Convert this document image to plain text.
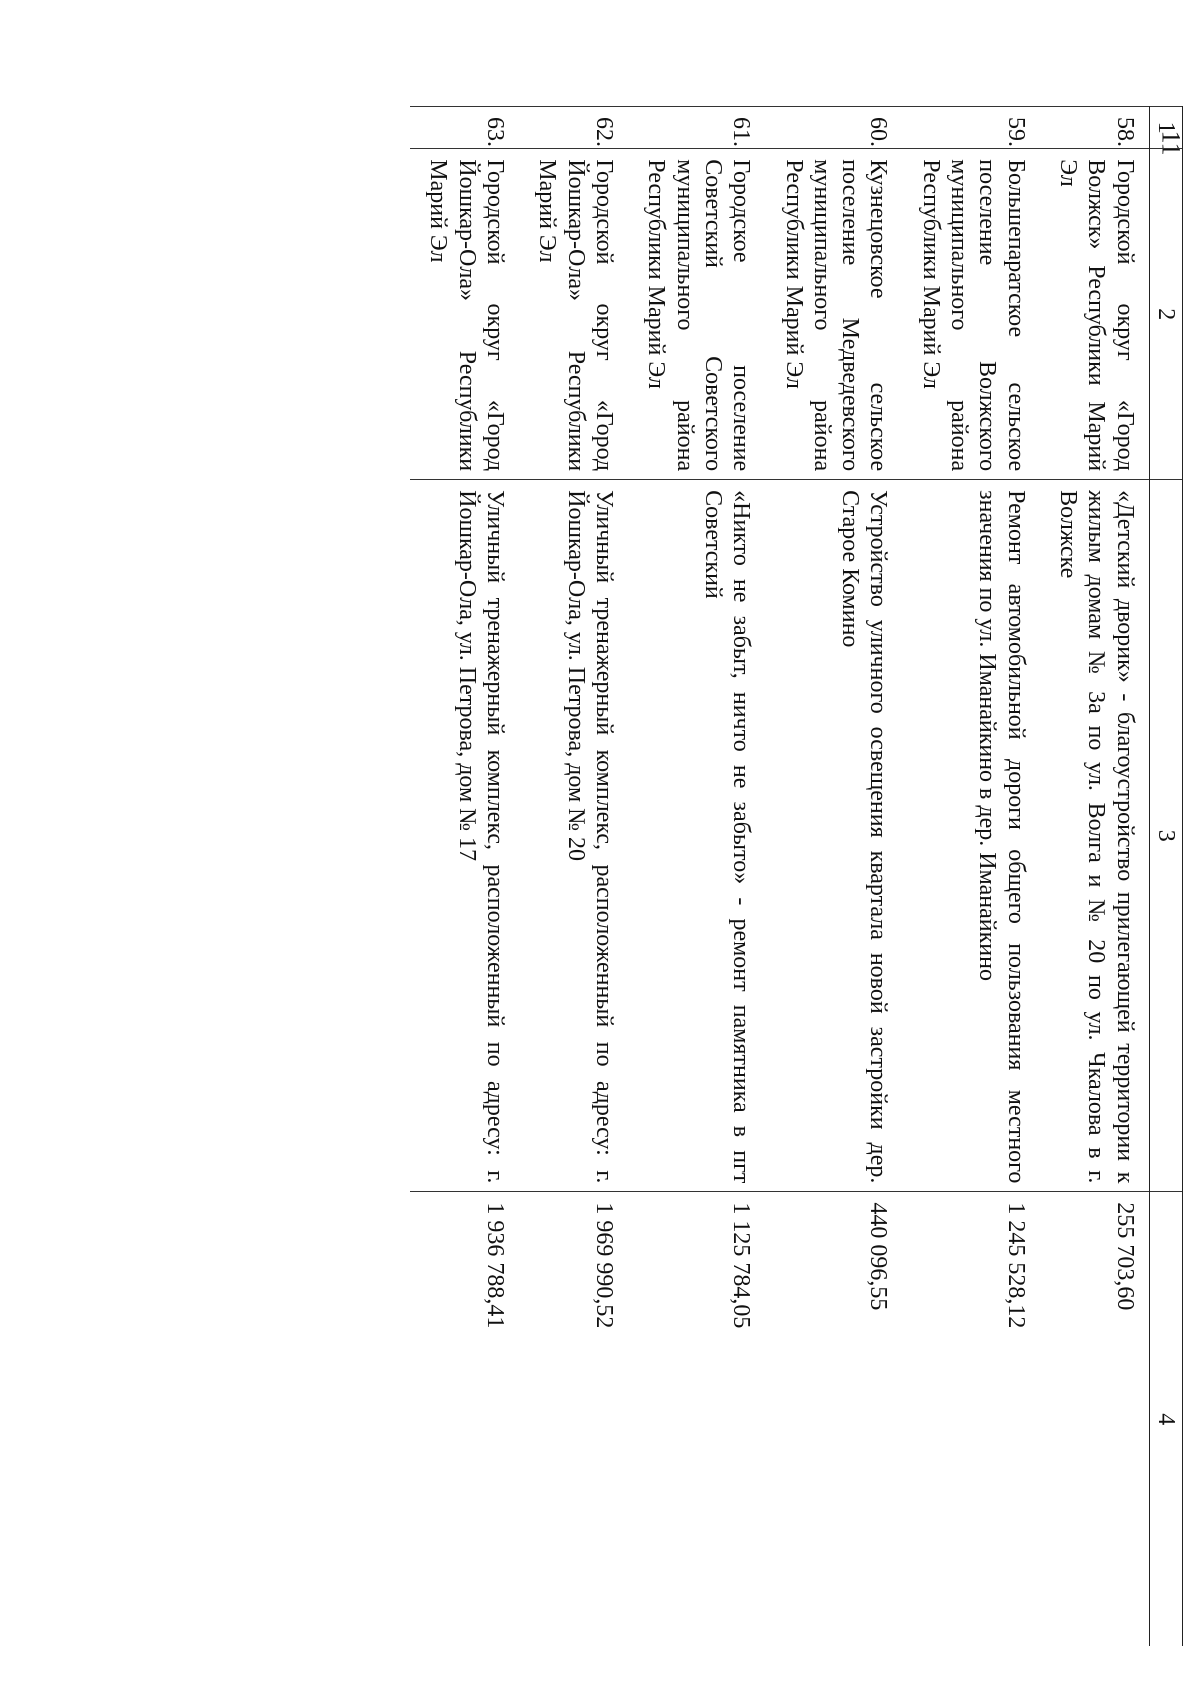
11
1	2	3	4
58.	Городской округ «Город Волжск» Республики Марий Эл	«Детский дворик» - благоустройство прилегающей территории к жилым домам № 3а по ул. Волга и № 20 по ул. Чкалова в г. Волжске	255 703,60
59.	Большепаратское сельское поселение Волжского муниципального района Республики Марий Эл	Ремонт автомобильной дороги общего пользования местного значения по ул. Иманайкино в дер. Иманайкино	1 245 528,12
60.	Кузнецовское сельское поселение Медведевского муниципального района Республики Марий Эл	Устройство уличного освещения квартала новой застройки дер. Старое Комино	440 096,55
61.	Городское поселение Советский Советского муниципального района Республики Марий Эл	«Никто не забыт, ничто не забыто» - ремонт памятника в пгт Советский	1 125 784,05
62.	Городской округ «Город Йошкар-Ола» Республики Марий Эл	Уличный тренажерный комплекс, расположенный по адресу: г. Йошкар-Ола, ул. Петрова, дом № 20	1 969 990,52
63.	Городской округ «Город Йошкар-Ола» Республики Марий Эл	Уличный тренажерный комплекс, расположенный по адресу: г. Йошкар-Ола, ул. Петрова, дом № 17	1 936 788,41
